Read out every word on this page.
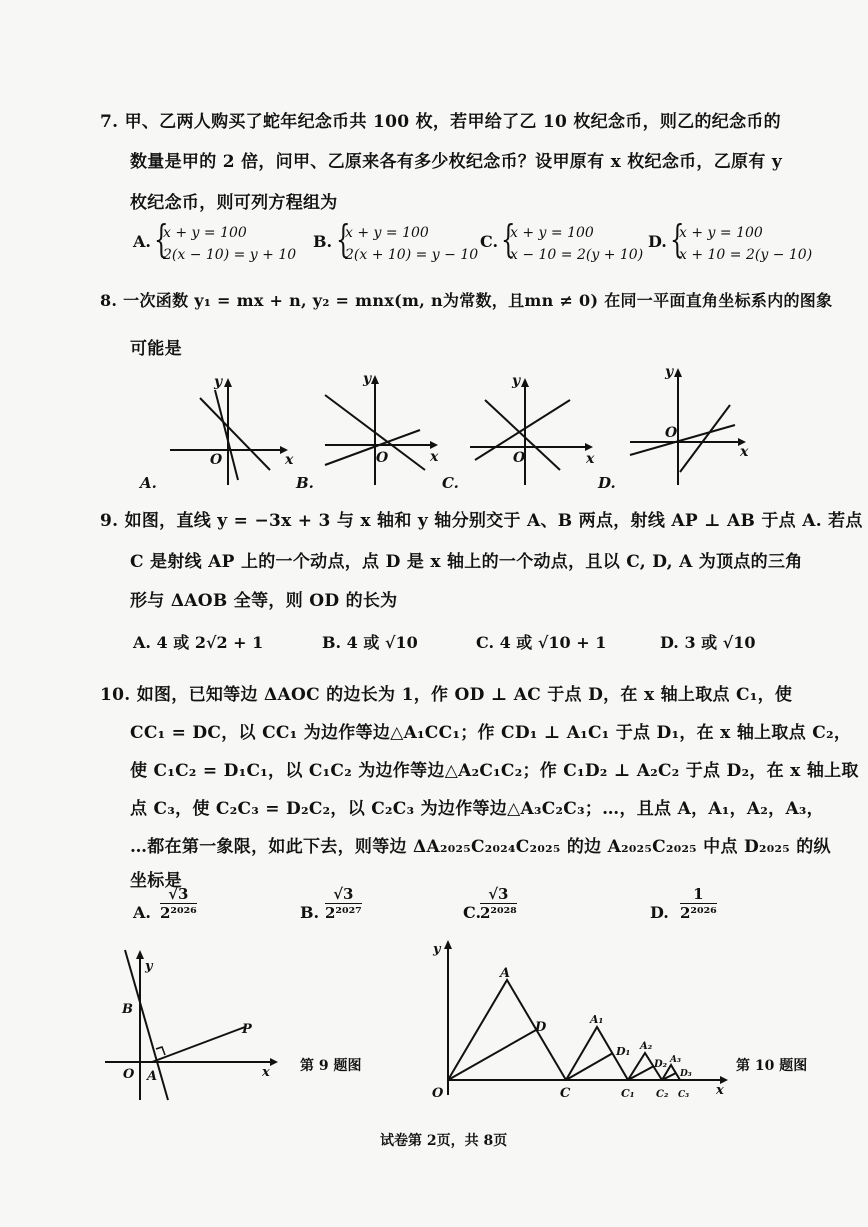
7. 甲、乙两人购买了蛇年纪念币共 100 枚，若甲给了乙 10 枚纪念币，则乙的纪念币的
数量是甲的 2 倍，问甲、乙原来各有多少枚纪念币？设甲原有 x 枚纪念币，乙原有 y
枚纪念币，则可列方程组为
A. {
x + y = 100
2(x − 10) = y + 10
B. {
x + y = 100
2(x + 10) = y − 10
C. {
x + y = 100
x − 10 = 2(y + 10)
D. {
x + y = 100
x + 10 = 2(y − 10)
8. 一次函数 y₁ = mx + n, y₂ = mnx(m, n为常数，且mn ≠ 0) 在同一平面直角坐标系内的图象
可能是
y
x
O
A.
y
x
O
B.
y
x
O
C.
y
x
O
D.
9. 如图，直线 y = −3x + 3 与 x 轴和 y 轴分别交于 A、B 两点，射线 AP ⊥ AB 于点 A. 若点
C 是射线 AP 上的一个动点，点 D 是 x 轴上的一个动点，且以 C, D, A 为顶点的三角
形与 ΔAOB 全等，则 OD 的长为
A. 4 或 2√2 + 1	B. 4 或 √10	C. 4 或 √10 + 1	D. 3 或 √10
10. 如图，已知等边 ΔAOC 的边长为 1，作 OD ⊥ AC 于点 D，在 x 轴上取点 C₁，使
CC₁ = DC，以 CC₁ 为边作等边△A₁CC₁；作 CD₁ ⊥ A₁C₁ 于点 D₁，在 x 轴上取点 C₂，
使 C₁C₂ = D₁C₁，以 C₁C₂ 为边作等边△A₂C₁C₂；作 C₁D₂ ⊥ A₂C₂ 于点 D₂，在 x 轴上取
点 C₃，使 C₂C₃ = D₂C₂，以 C₂C₃ 为边作等边△A₃C₂C₃；…，且点 A，A₁，A₂，A₃，
…都在第一象限，如此下去，则等边 ΔA₂₀₂₅C₂₀₂₄C₂₀₂₅ 的边 A₂₀₂₅C₂₀₂₅ 中点 D₂₀₂₅ 的纵
坐标是
A. $\frac{√3}{\text{2²⁰²⁶}}$	B. $\frac{√3}{\text{2²⁰²⁷}}$	C.
$\frac{√3}{\text{2²⁰²⁸}}$	D. $\frac{1}{\text{2²⁰²⁶}}$
y
x
O A
B
P
第 9 题图
y
x
O
A
D
C
A₁
D₁
C₁
A₂
D₂
C₂
A₃
D₃
C₃
第 10 题图
试卷第 2页，共 8页
